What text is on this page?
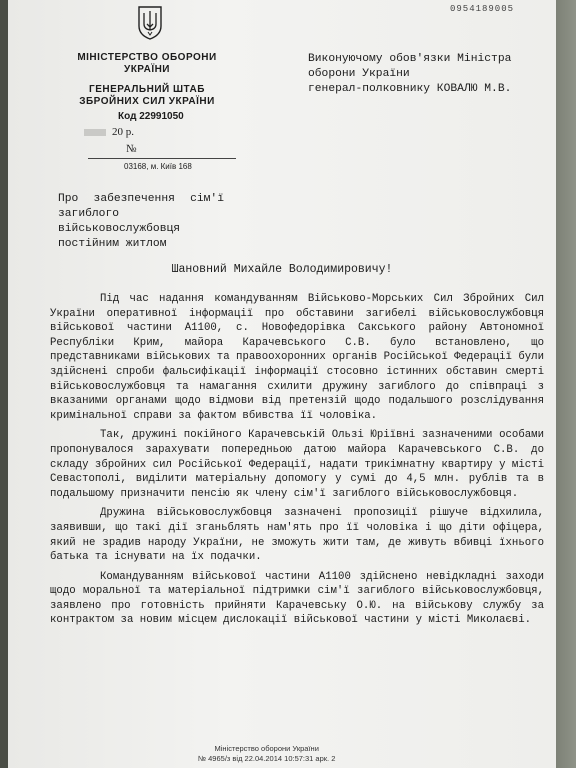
0954189005
МІНІСТЕРСТВО ОБОРОНИ
УКРАЇНИ
ГЕНЕРАЛЬНИЙ ШТАБ
ЗБРОЙНИХ СИЛ УКРАЇНИ
Код 22991050
20 р.
№
03168, м. Київ 168
Виконуючому обов'язки Міністра
оборони України
генерал-полковнику КОВАЛЮ М.В.
Про забезпечення сім'ї
загиблого військовослужбовця
постійним житлом
Шановний Михайле Володимировичу!

Під час надання командуванням Військово-Морських Сил Збройних Сил України оперативної інформації про обставини загибелі військовослужбовця військової частини А1100, с. Новофедорівка Сакського району Автономної Республіки Крим, майора Карачевського С.В. було встановлено, що представниками військових та правоохоронних органів Російської Федерації були здійснені спроби фальсифікації інформації стосовно істинних обставин смерті військовослужбовця та намагання схилити дружину загиблого до співпраці з вказаними органами щодо відмови від претензій щодо подальшого розслідування кримінальної справи за фактом вбивства її чоловіка.

Так, дружині покійного Карачевській Ользі Юріївні зазначеними особами пропонувалося зарахувати попередньою датою майора Карачевського С.В. до складу збройних сил Російської Федерації, надати трикімнатну квартиру у місті Севастополі, виділити матеріальну допомогу у сумі до 4,5 млн. рублів та в подальшому призначити пенсію як члену сім'ї загиблого військовослужбовця.

Дружина військовослужбовця зазначені пропозиції рішуче відхилила, заявивши, що такі дії зганьблять нам'ять про її чоловіка і що діти офіцера, який не зрадив народу України, не зможуть жити там, де живуть вбивці їхнього батька та існувати на їх подачки.

Командуванням військової частини А1100 здійснено невідкладні заходи щодо моральної та матеріальної підтримки сім'ї загиблого військовослужбовця, заявлено про готовність прийняти Карачевську О.Ю. на військову службу за контрактом за новим місцем дислокації військової частини у місті Миколаєві.

Міністерство оборони України
№ 4965/з від 22.04.2014 10:57:31 арк. 2
